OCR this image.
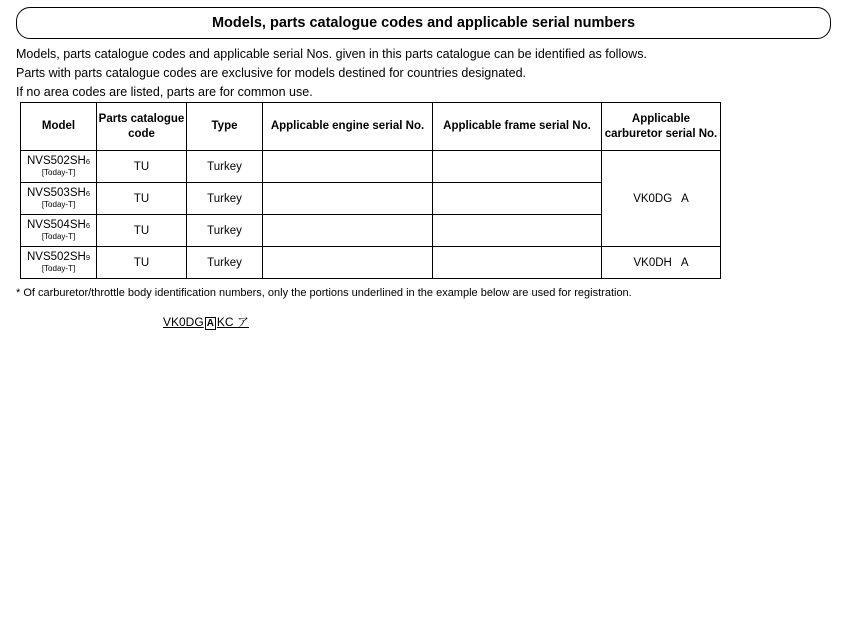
Models, parts catalogue codes and applicable serial numbers
Models, parts catalogue codes and applicable serial Nos. given in this parts catalogue can be identified as follows.
Parts with parts catalogue codes are exclusive for models destined for countries designated.
If no area codes are listed, parts are for common use.
Model	Parts catalogue code	Type	Applicable engine serial No.	Applicable frame serial No.	Applicable carburetor serial No.

NVS502SH6
[Today-T]	TU	Turkey			VK0DG   A

NVS503SH6
[Today-T]	TU	Turkey			

NVS504SH6
[Today-T]	TU	Turkey			

NVS502SH9
[Today-T]	TU	Turkey			VK0DH   A
* Of carburetor/throttle body identification numbers, only the portions underlined in the example below are used for registration.
VK0DG A KC ア
